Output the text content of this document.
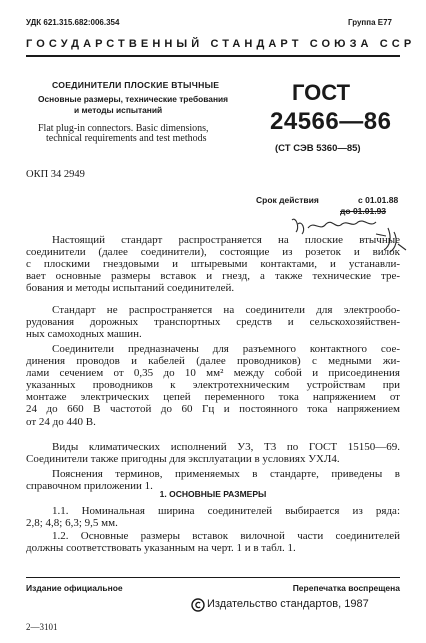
УДК 621.315.682:006.354	Группа Е77
ГОСУДАРСТВЕННЫЙ СТАНДАРТ СОЮЗА ССР
СОЕДИНИТЕЛИ ПЛОСКИЕ ВТЫЧНЫЕ
Основные размеры, технические требования
и методы испытаний
Flat plug-in connectors. Basic dimensions,
technical requirements and test methods
ГОСТ
24566—86
(СТ СЭВ 5360—85)
ОКП 34 2949
Срок действия	с 01.01.88
до 01.01.93
Настоящий стандарт распространяется на плоские втычные
соединители (далее соединители), состоящие из розеток и вилок
с плоскими гнездовыми и штыревыми контактами, и устанавли-
вает основные размеры вставок и гнезд, а также технические тре-
бования и методы испытаний соединителей.
Стандарт не распространяется на соединители для электрообо-
рудования дорожных транспортных средств и сельскохозяйствен-
ных самоходных машин.
Соединители предназначены для разъемного контактного сое-
динения проводов и кабелей (далее проводников) с медными жи-
лами сечением от 0,35 до 10 мм² между собой и присоединения
указанных проводников к электротехническим устройствам при
монтаже электрических цепей переменного тока напряжением от
24 до 660 В частотой до 60 Гц и постоянного тока напряжением
от 24 до 440 В.
Виды климатических исполнений У3, Т3 по ГОСТ 15150—69.
Соединители также пригодны для эксплуатации в условиях УХЛ4.
Пояснения терминов, применяемых в стандарте, приведены в
справочном приложении 1.
1. ОСНОВНЫЕ РАЗМЕРЫ
1.1. Номинальная ширина соединителей выбирается из ряда:
2,8; 4,8; 6,3; 9,5 мм.
1.2. Основные размеры вставок вилочной части соединителей
должны соответствовать указанным на черт. 1 и в табл. 1.
Издание официальное	Перепечатка воспрещена
Издательство стандартов, 1987
2—3101
